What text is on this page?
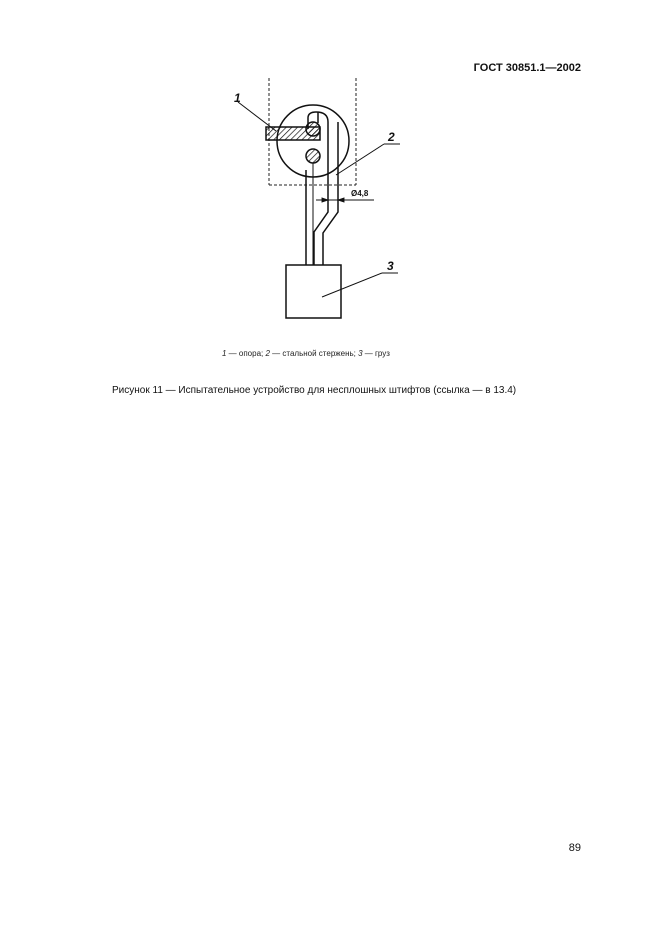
ГОСТ 30851.1—2002
Ø4,8
1
2
3
1 — опора; 2 — стальной стержень; 3 — груз
Рисунок 11 — Испытательное устройство для несплошных штифтов (ссылка — в 13.4)
89
